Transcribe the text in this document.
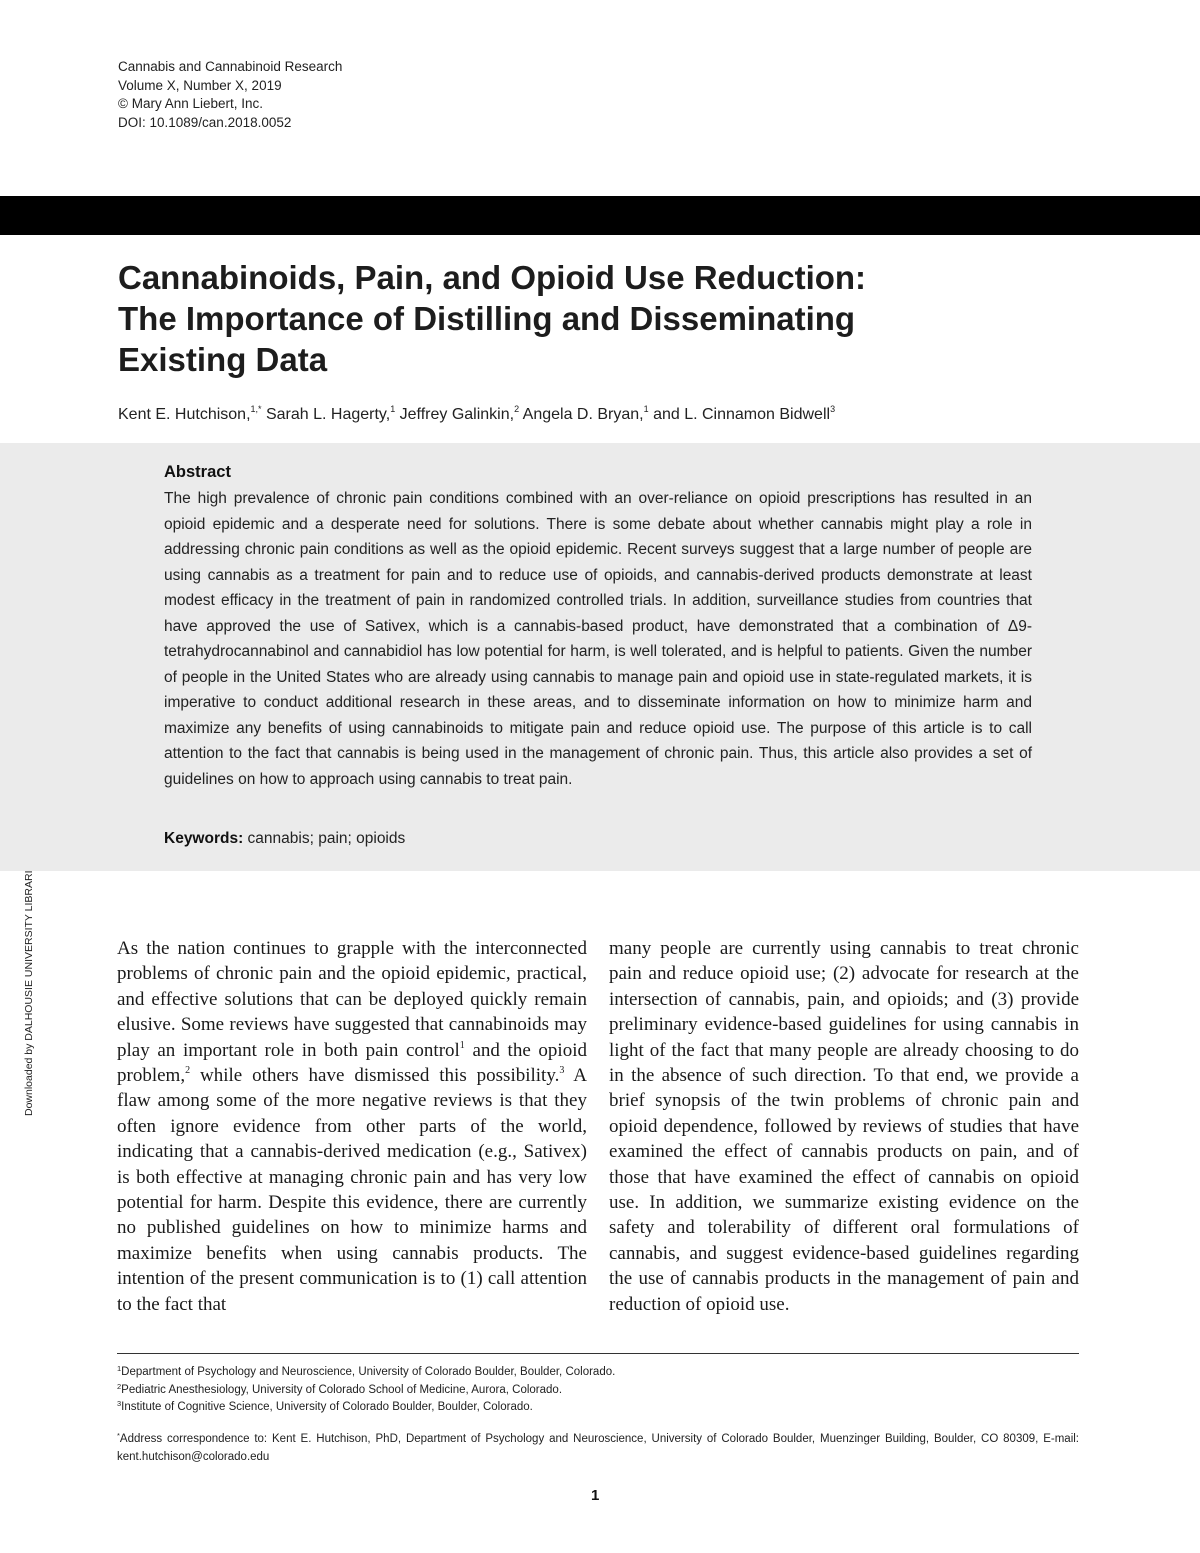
Cannabis and Cannabinoid Research
Volume X, Number X, 2019
© Mary Ann Liebert, Inc.
DOI: 10.1089/can.2018.0052
Cannabinoids, Pain, and Opioid Use Reduction:
The Importance of Distilling and Disseminating
Existing Data
Kent E. Hutchison,$^{1,*}$ Sarah L. Hagerty,$^1$ Jeffrey Galinkin,$^2$ Angela D. Bryan,$^1$ and L. Cinnamon Bidwell$^3$
Abstract
The high prevalence of chronic pain conditions combined with an over-reliance on opioid prescriptions has resulted in an opioid epidemic and a desperate need for solutions. There is some debate about whether cannabis might play a role in addressing chronic pain conditions as well as the opioid epidemic. Recent surveys suggest that a large number of people are using cannabis as a treatment for pain and to reduce use of opioids, and cannabis-derived products demonstrate at least modest efficacy in the treatment of pain in randomized controlled trials. In addition, surveillance studies from countries that have approved the use of Sativex, which is a cannabis-based product, have demonstrated that a combination of Δ9-tetrahydrocannabinol and cannabidiol has low potential for harm, is well tolerated, and is helpful to patients. Given the number of people in the United States who are already using cannabis to manage pain and opioid use in state-regulated markets, it is imperative to conduct additional research in these areas, and to disseminate information on how to minimize harm and maximize any benefits of using cannabinoids to mitigate pain and reduce opioid use. The purpose of this article is to call attention to the fact that cannabis is being used in the management of chronic pain. Thus, this article also provides a set of guidelines on how to approach using cannabis to treat pain.
Keywords: cannabis; pain; opioids
As the nation continues to grapple with the interconnected problems of chronic pain and the opioid epidemic, practical, and effective solutions that can be deployed quickly remain elusive. Some reviews have suggested that cannabinoids may play an important role in both pain control$^1$ and the opioid problem,$^2$ while others have dismissed this possibility.$^3$ A flaw among some of the more negative reviews is that they often ignore evidence from other parts of the world, indicating that a cannabis-derived medication (e.g., Sativex) is both effective at managing chronic pain and has very low potential for harm. Despite this evidence, there are currently no published guidelines on how to minimize harms and maximize benefits when using cannabis products. The intention of the present communication is to (1) call attention to the fact that
many people are currently using cannabis to treat chronic pain and reduce opioid use; (2) advocate for research at the intersection of cannabis, pain, and opioids; and (3) provide preliminary evidence-based guidelines for using cannabis in light of the fact that many people are already choosing to do in the absence of such direction. To that end, we provide a brief synopsis of the twin problems of chronic pain and opioid dependence, followed by reviews of studies that have examined the effect of cannabis products on pain, and of those that have examined the effect of cannabis on opioid use. In addition, we summarize existing evidence on the safety and tolerability of different oral formulations of cannabis, and suggest evidence-based guidelines regarding the use of cannabis products in the management of pain and reduction of opioid use.
$^1$Department of Psychology and Neuroscience, University of Colorado Boulder, Boulder, Colorado.
$^2$Pediatric Anesthesiology, University of Colorado School of Medicine, Aurora, Colorado.
$^3$Institute of Cognitive Science, University of Colorado Boulder, Boulder, Colorado.
*Address correspondence to: Kent E. Hutchison, PhD, Department of Psychology and Neuroscience, University of Colorado Boulder, Muenzinger Building, Boulder, CO 80309, E-mail: kent.hutchison@colorado.edu
1
